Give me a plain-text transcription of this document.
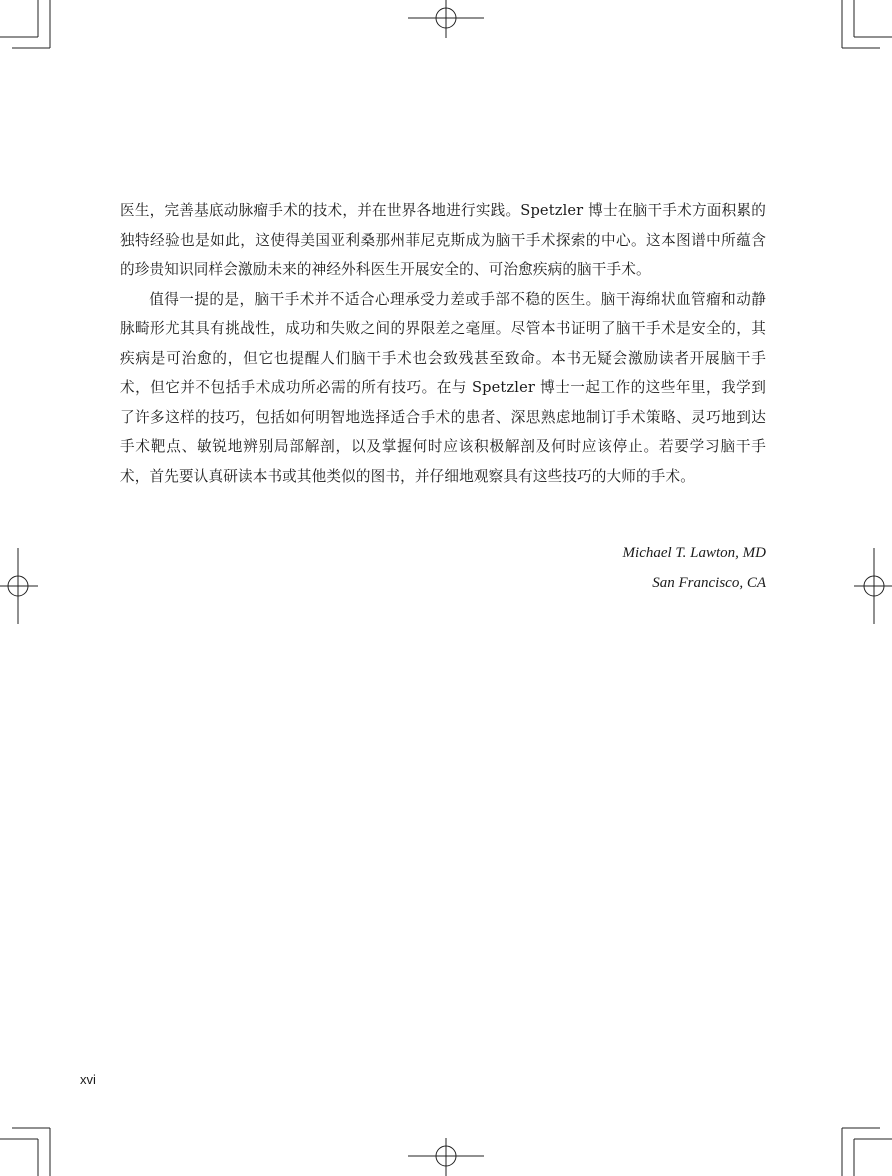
医生，完善基底动脉瘤手术的技术，并在世界各地进行实践。Spetzler 博士在脑干手术方面积累的独特经验也是如此，这使得美国亚利桑那州菲尼克斯成为脑干手术探索的中心。这本图谱中所蕴含的珍贵知识同样会激励未来的神经外科医生开展安全的、可治愈疾病的脑干手术。

值得一提的是，脑干手术并不适合心理承受力差或手部不稳的医生。脑干海绵状血管瘤和动静脉畸形尤其具有挑战性，成功和失败之间的界限差之毫厘。尽管本书证明了脑干手术是安全的，其疾病是可治愈的，但它也提醒人们脑干手术也会致残甚至致命。本书无疑会激励读者开展脑干手术，但它并不包括手术成功所必需的所有技巧。在与 Spetzler 博士一起工作的这些年里，我学到了许多这样的技巧，包括如何明智地选择适合手术的患者、深思熟虑地制订手术策略、灵巧地到达手术靶点、敏锐地辨别局部解剖，以及掌握何时应该积极解剖及何时应该停止。若要学习脑干手术，首先要认真研读本书或其他类似的图书，并仔细地观察具有这些技巧的大师的手术。

Michael T. Lawton, MD
San Francisco, CA
xvi
